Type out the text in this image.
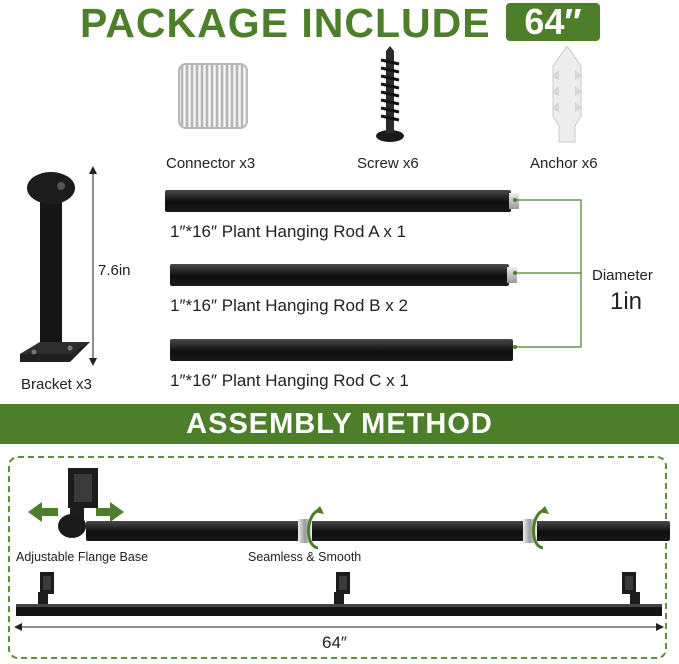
PACKAGE INCLUDE 64″
Connector x3	Screw x6	Anchor x6
7.6in
Bracket x3
1″*16″ Plant Hanging Rod A x 1
1″*16″ Plant Hanging Rod B x 2
1″*16″ Plant Hanging Rod C x 1
Diameter
1in
ASSEMBLY METHOD
Adjustable Flange Base	Seamless & Smooth
64″
